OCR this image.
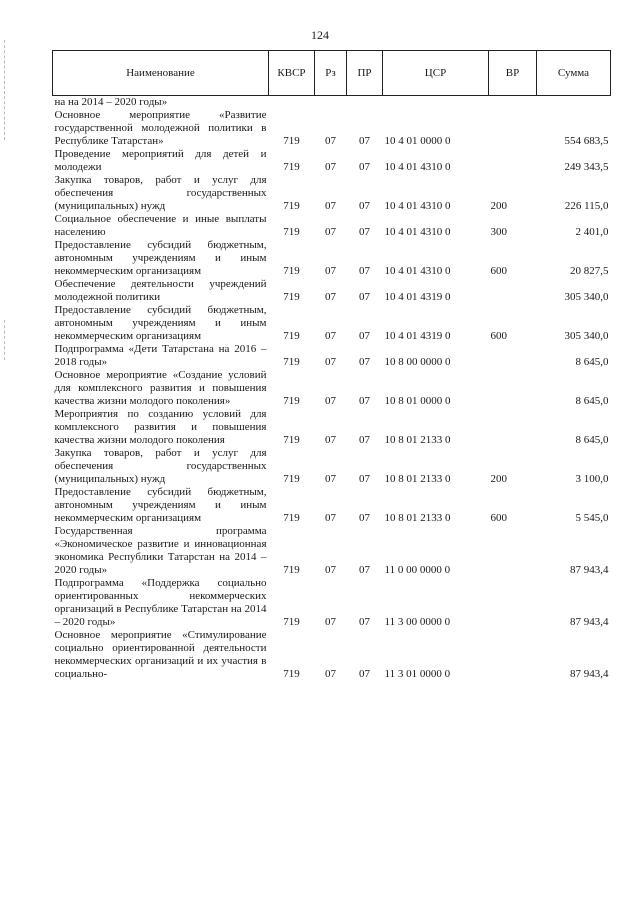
124
Наименование	КВСР	Рз	ПР	ЦСР	ВР	Сумма
на на 2014 – 2020 годы»						
Основное мероприятие «Развитие государственной молодежной политики в Республике Татарстан»	719	07	07	10 4 01 0000 0		554 683,5
Проведение мероприятий для детей и молодежи	719	07	07	10 4 01 4310 0		249 343,5
Закупка товаров, работ и услуг для обеспечения государственных (муниципальных) нужд	719	07	07	10 4 01 4310 0	200	226 115,0
Социальное обеспечение и иные выплаты населению	719	07	07	10 4 01 4310 0	300	2 401,0
Предоставление субсидий бюджетным, автономным учреждениям и иным некоммерческим организациям	719	07	07	10 4 01 4310 0	600	20 827,5
Обеспечение деятельности учреждений молодежной политики	719	07	07	10 4 01 4319 0		305 340,0
Предоставление субсидий бюджетным, автономным учреждениям и иным некоммерческим организациям	719	07	07	10 4 01 4319 0	600	305 340,0
Подпрограмма «Дети Татарстана на 2016 – 2018 годы»	719	07	07	10 8 00 0000 0		8 645,0
Основное мероприятие «Создание условий для комплексного развития и повышения качества жизни молодого поколения»	719	07	07	10 8 01 0000 0		8 645,0
Мероприятия по созданию условий для комплексного развития и повышения качества жизни молодого поколения	719	07	07	10 8 01 2133 0		8 645,0
Закупка товаров, работ и услуг для обеспечения государственных (муниципальных) нужд	719	07	07	10 8 01 2133 0	200	3 100,0
Предоставление субсидий бюджетным, автономным учреждениям и иным некоммерческим организациям	719	07	07	10 8 01 2133 0	600	5 545,0
Государственная программа «Экономическое развитие и инновационная экономика Республики Татарстан на 2014 – 2020 годы»	719	07	07	11 0 00 0000 0		87 943,4
Подпрограмма «Поддержка социально ориентированных некоммерческих организаций в Республике Татарстан на 2014 – 2020 годы»	719	07	07	11 3 00 0000 0		87 943,4
Основное мероприятие «Стимулирование социально ориентированной деятельности некоммерческих организаций и их участия в социально-	719	07	07	11 3 01 0000 0		87 943,4
